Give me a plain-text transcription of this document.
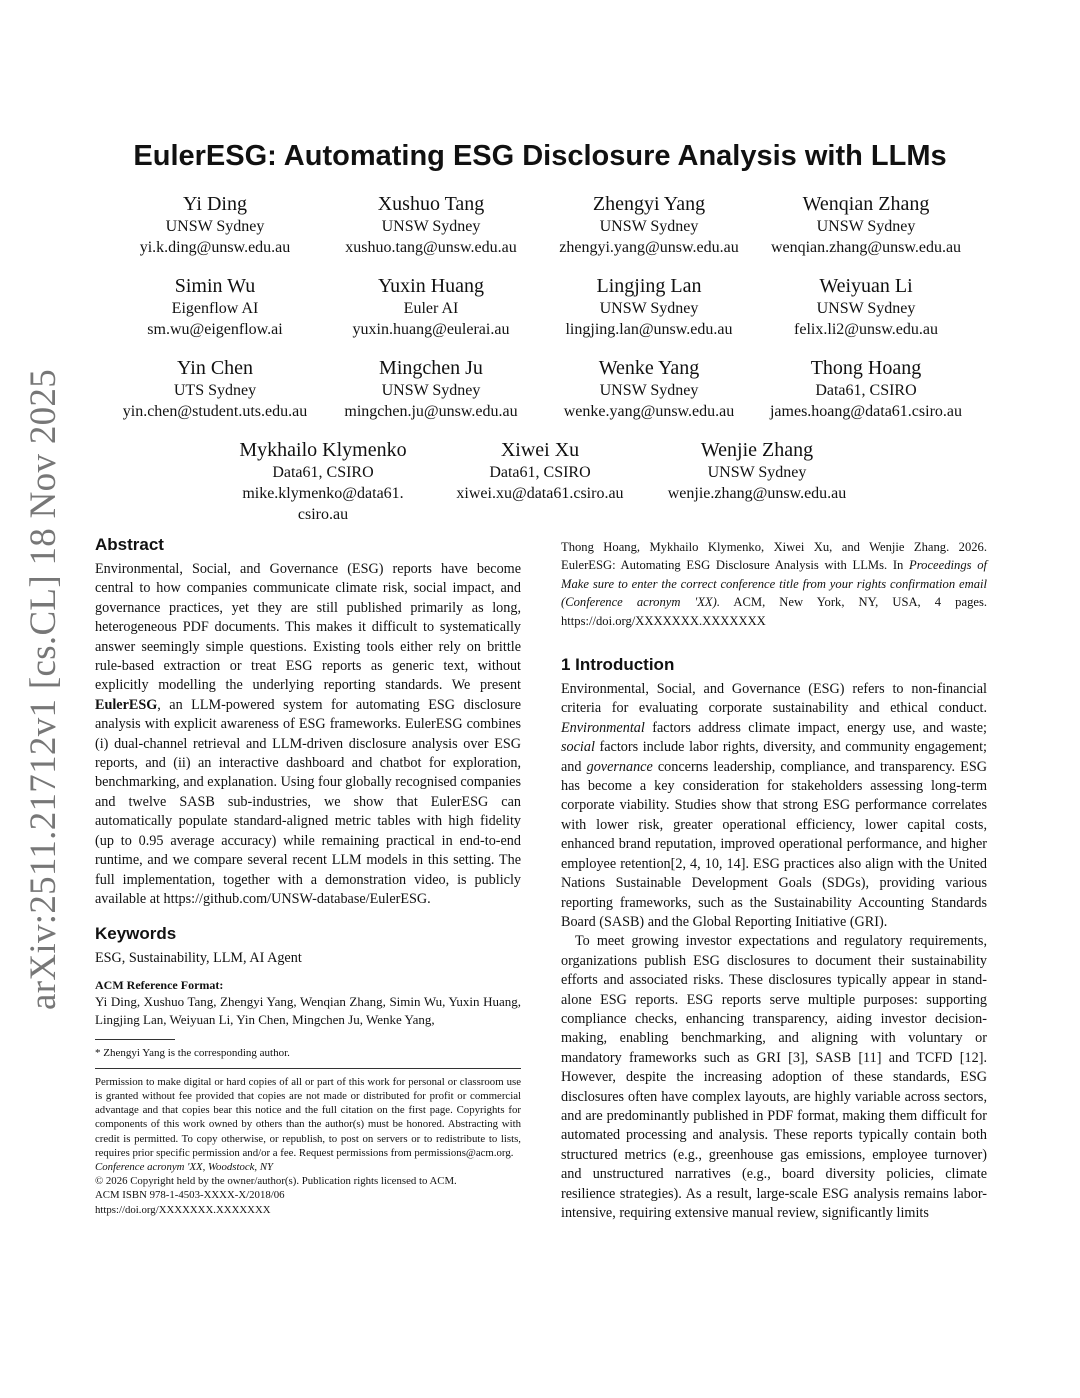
arXiv:2511.21712v1 [cs.CL] 18 Nov 2025
EulerESG: Automating ESG Disclosure Analysis with LLMs
Yi Ding
UNSW Sydney
yi.k.ding@unsw.edu.au
Xushuo Tang
UNSW Sydney
xushuo.tang@unsw.edu.au
Zhengyi Yang
UNSW Sydney
zhengyi.yang@unsw.edu.au
Wenqian Zhang
UNSW Sydney
wenqian.zhang@unsw.edu.au
Simin Wu
Eigenflow AI
sm.wu@eigenflow.ai
Yuxin Huang
Euler AI
yuxin.huang@eulerai.au
Lingjing Lan
UNSW Sydney
lingjing.lan@unsw.edu.au
Weiyuan Li
UNSW Sydney
felix.li2@unsw.edu.au
Yin Chen
UTS Sydney
yin.chen@student.uts.edu.au
Mingchen Ju
UNSW Sydney
mingchen.ju@unsw.edu.au
Wenke Yang
UNSW Sydney
wenke.yang@unsw.edu.au
Thong Hoang
Data61, CSIRO
james.hoang@data61.csiro.au
Mykhailo Klymenko
Data61, CSIRO
mike.klymenko@data61.
csiro.au
Xiwei Xu
Data61, CSIRO
xiwei.xu@data61.csiro.au
Wenjie Zhang
UNSW Sydney
wenjie.zhang@unsw.edu.au
Abstract

Environmental, Social, and Governance (ESG) reports have become central to how companies communicate climate risk, social impact, and governance practices, yet they are still published primarily as long, heterogeneous PDF documents. This makes it difficult to systematically answer seemingly simple questions. Existing tools either rely on brittle rule-based extraction or treat ESG reports as generic text, without explicitly modelling the underlying reporting standards. We present EulerESG, an LLM-powered system for automating ESG disclosure analysis with explicit awareness of ESG frameworks. EulerESG combines (i) dual-channel retrieval and LLM-driven disclosure analysis over ESG reports, and (ii) an interactive dashboard and chatbot for exploration, benchmarking, and explanation. Using four globally recognised companies and twelve SASB sub-industries, we show that EulerESG can automatically populate standard-aligned metric tables with high fidelity (up to 0.95 average accuracy) while remaining practical in end-to-end runtime, and we compare several recent LLM models in this setting. The full implementation, together with a demonstration video, is publicly available at https://github.com/UNSW-database/EulerESG.

Keywords

ESG, Sustainability, LLM, AI Agent

ACM Reference Format:

Yi Ding, Xushuo Tang, Zhengyi Yang, Wenqian Zhang, Simin Wu, Yuxin Huang, Lingjing Lan, Weiyuan Li, Yin Chen, Mingchen Ju, Wenke Yang,

* Zhengyi Yang is the corresponding author.

Permission to make digital or hard copies of all or part of this work for personal or classroom use is granted without fee provided that copies are not made or distributed for profit or commercial advantage and that copies bear this notice and the full citation on the first page. Copyrights for components of this work owned by others than the author(s) must be honored. Abstracting with credit is permitted. To copy otherwise, or republish, to post on servers or to redistribute to lists, requires prior specific permission and/or a fee. Request permissions from permissions@acm.org.

Conference acronym 'XX, Woodstock, NY
© 2026 Copyright held by the owner/author(s). Publication rights licensed to ACM.
ACM ISBN 978-1-4503-XXXX-X/2018/06
https://doi.org/XXXXXXX.XXXXXXX

Thong Hoang, Mykhailo Klymenko, Xiwei Xu, and Wenjie Zhang. 2026. EulerESG: Automating ESG Disclosure Analysis with LLMs. In Proceedings of Make sure to enter the correct conference title from your rights confirmation email (Conference acronym 'XX). ACM, New York, NY, USA, 4 pages. https://doi.org/XXXXXXX.XXXXXXX

1 Introduction

Environmental, Social, and Governance (ESG) refers to non-financial criteria for evaluating corporate sustainability and ethical conduct. Environmental factors address climate impact, energy use, and waste; social factors include labor rights, diversity, and community engagement; and governance concerns leadership, compliance, and transparency. ESG has become a key consideration for stakeholders assessing long-term corporate viability. Studies show that strong ESG performance correlates with lower risk, greater operational efficiency, lower capital costs, enhanced brand reputation, improved operational performance, and higher employee retention[2, 4, 10, 14]. ESG practices also align with the United Nations Sustainable Development Goals (SDGs), providing various reporting frameworks, such as the Sustainability Accounting Standards Board (SASB) and the Global Reporting Initiative (GRI).

To meet growing investor expectations and regulatory requirements, organizations publish ESG disclosures to document their sustainability efforts and associated risks. These disclosures typically appear in stand-alone ESG reports. ESG reports serve multiple purposes: supporting compliance checks, enhancing transparency, aiding investor decision-making, enabling benchmarking, and aligning with voluntary or mandatory frameworks such as GRI [3], SASB [11] and TCFD [12]. However, despite the increasing adoption of these standards, ESG disclosures often have complex layouts, are highly variable across sectors, and are predominantly published in PDF format, making them difficult for automated processing and analysis. These reports typically contain both structured metrics (e.g., greenhouse gas emissions, employee turnover) and unstructured narratives (e.g., board diversity policies, climate resilience strategies). As a result, large-scale ESG analysis remains labor-intensive, requiring extensive manual review, significantly limits
